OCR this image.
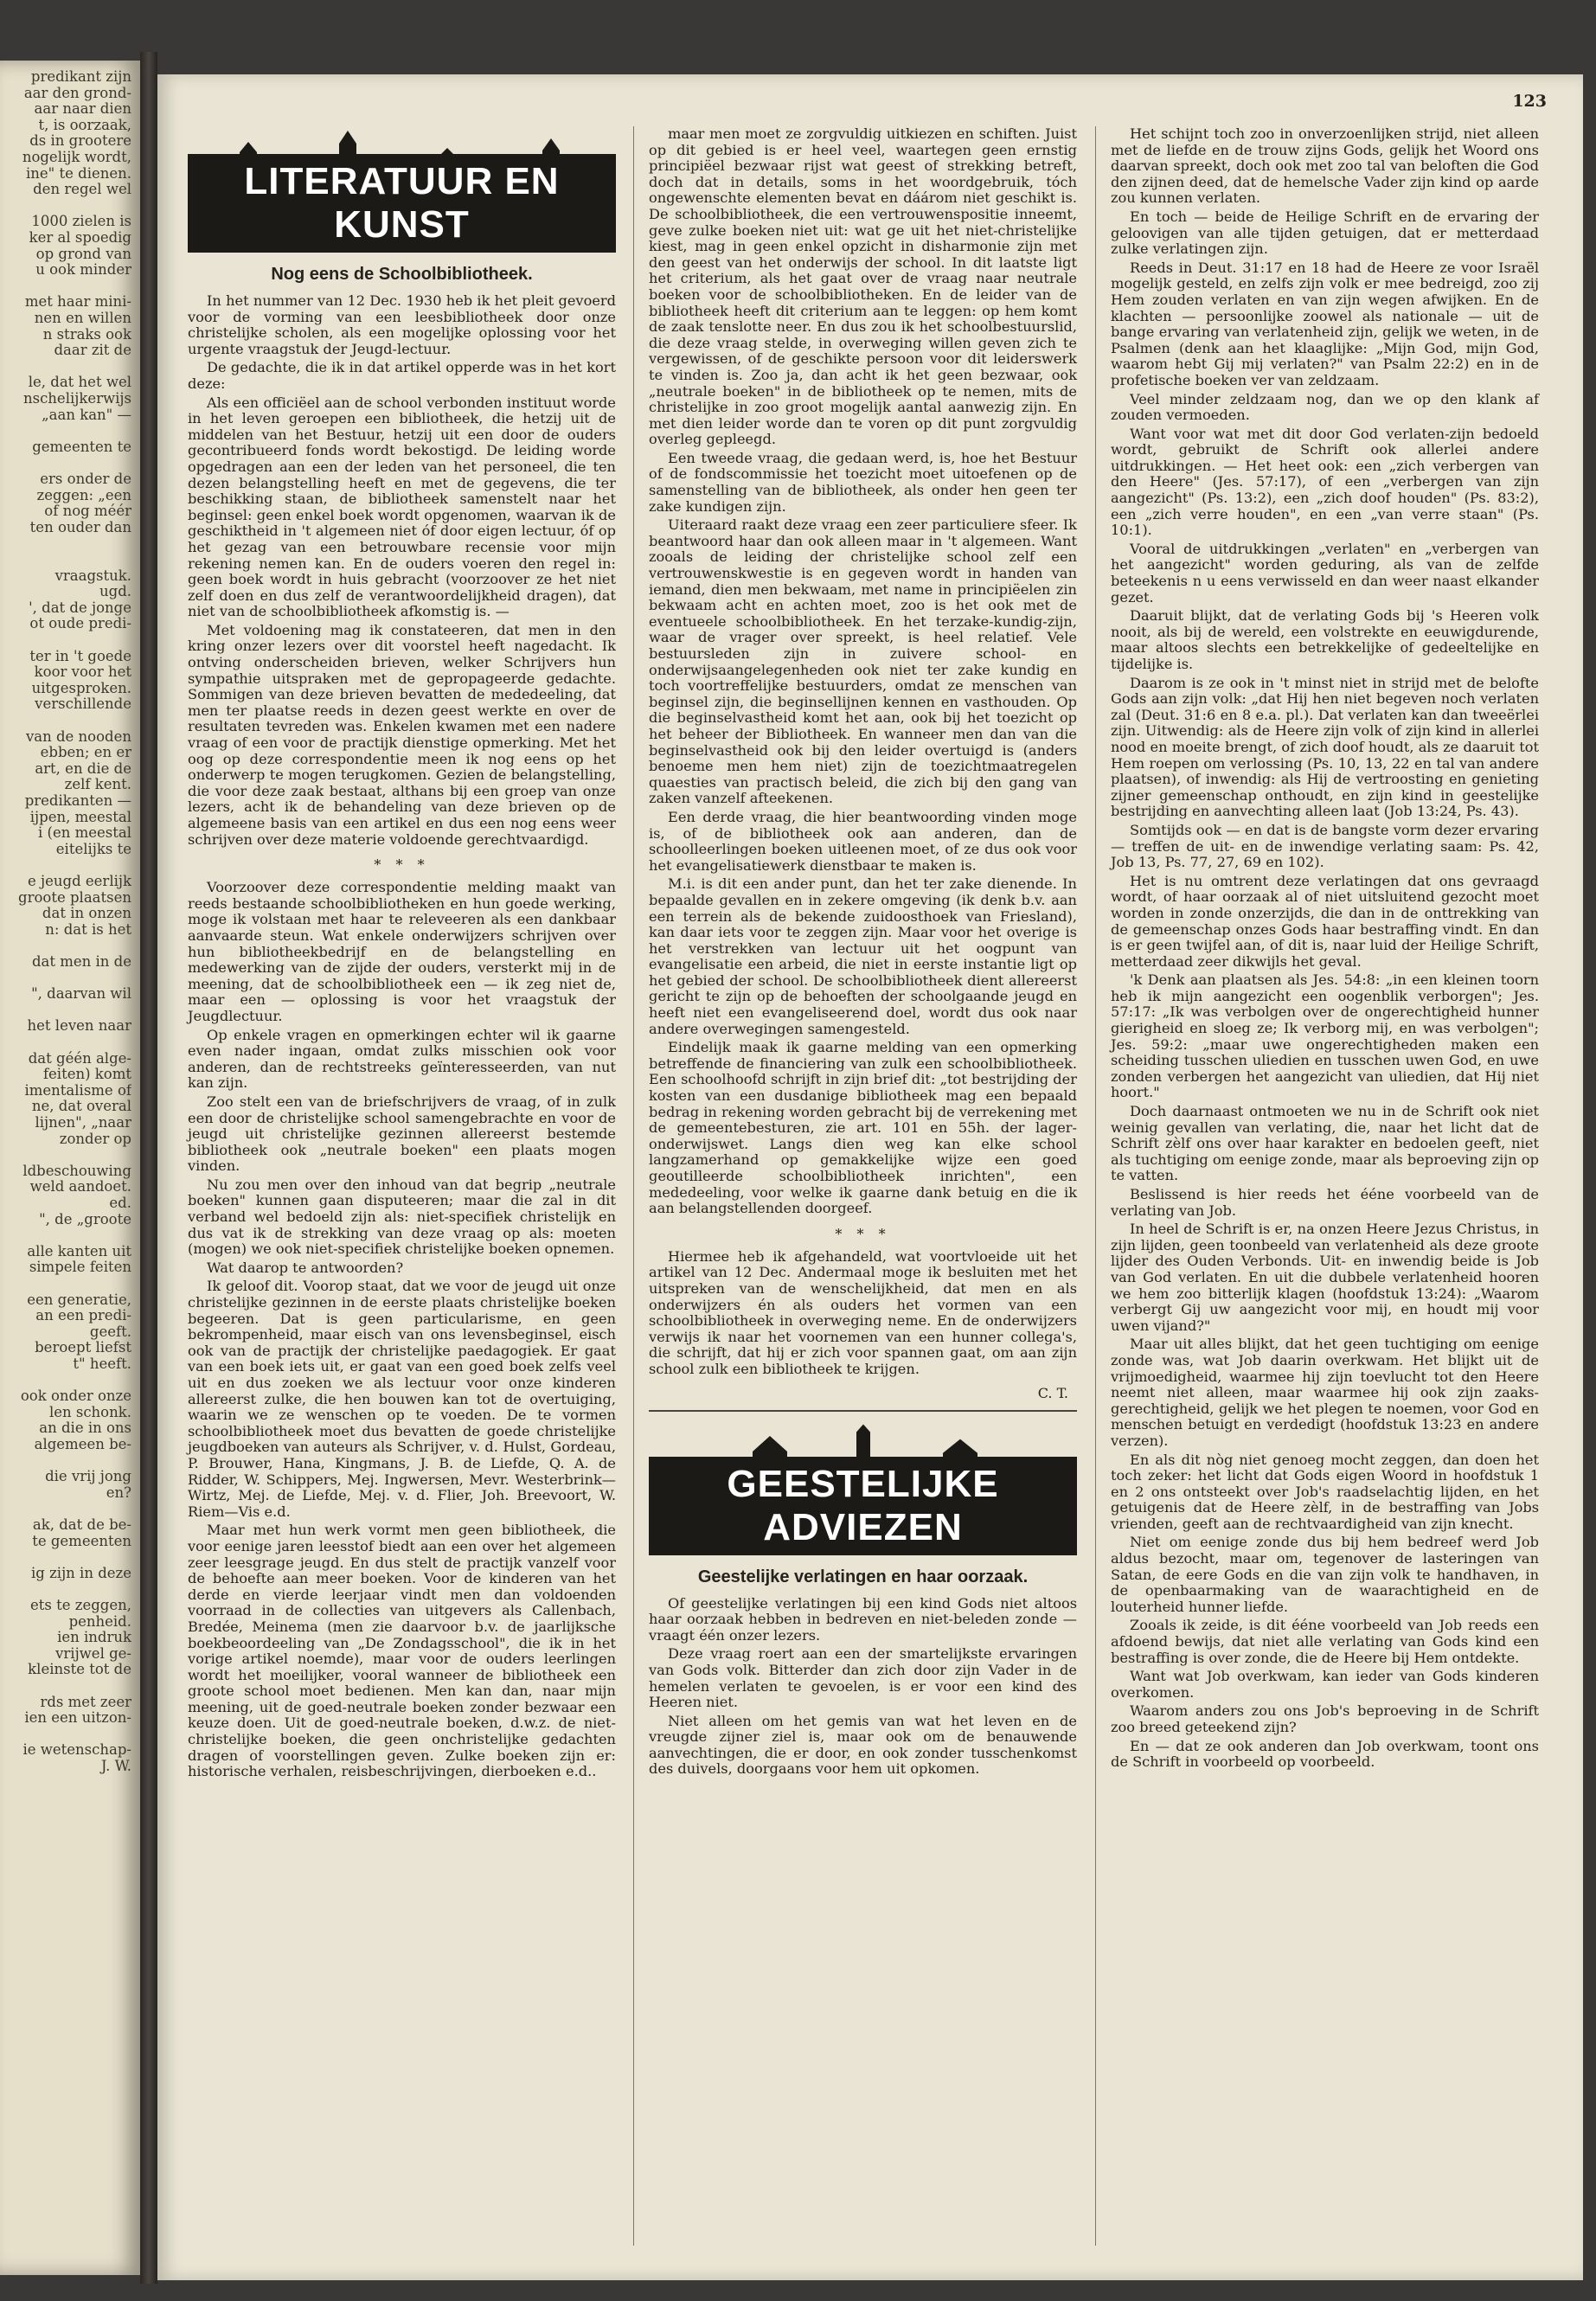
predikant zijn
aar den grond-
aar naar dien
t, is oorzaak,
ds in grootere
nogelijk wordt,
ine" te dienen.
den regel wel
1000 zielen is
ker al spoedig
op grond van
u ook minder
met haar mini-
nen en willen
n straks ook
daar zit de
le, dat het wel
nschelijkerwijs
„aan kan" —
gemeenten te
ers onder de
zeggen: „een
of nog méér
ten ouder dan
vraagstuk.
ugd.
', dat de jonge
ot oude predi-
ter in 't goede
koor voor het
uitgesproken.
verschillende
van de nooden
ebben; en er
art, en die de
zelf kent.
predikanten —
ijpen, meestal
i (en meestal
eitelijks te
e jeugd eerlijk
groote plaatsen
dat in onzen
n: dat is het
dat men in de
", daarvan wil
het leven naar
dat géén alge-
feiten) komt
imentalisme of
ne, dat overal
lijnen", „naar
zonder op
ldbeschouwing
weld aandoet.
ed.
", de „groote
alle kanten uit
simpele feiten
een generatie,
an een predi-
geeft.
beroept liefst
t" heeft.
ook onder onze
len schonk.
an die in ons
algemeen be-
die vrij jong
en?
ak, dat de be-
te gemeenten
ig zijn in deze
ets te zeggen,
penheid.
ien indruk
vrijwel ge-
kleinste tot de
rds met zeer
ien een uitzon-
ie wetenschap-
J. W.
123
LITERATUUR EN KUNST
Nog eens de Schoolbibliotheek.

In het nummer van 12 Dec. 1930 heb ik het pleit gevoerd voor de vorming van een leesbibliotheek door onze christelijke scholen, als een mogelijke oplossing voor het urgente vraagstuk der Jeugd-lectuur.

De gedachte, die ik in dat artikel opperde was in het kort deze:

Als een officiëel aan de school verbonden instituut worde in het leven geroepen een bibliotheek, die hetzij uit de middelen van het Bestuur, hetzij uit een door de ouders gecontribueerd fonds wordt bekostigd. De leiding worde opgedragen aan een der leden van het personeel, die ten dezen belangstelling heeft en met de gegevens, die ter beschikking staan, de bibliotheek samenstelt naar het beginsel: geen enkel boek wordt opgenomen, waarvan ik de geschiktheid in 't algemeen niet óf door eigen lectuur, óf op het gezag van een betrouwbare recensie voor mijn rekening nemen kan. En de ouders voeren den regel in: geen boek wordt in huis gebracht (voorzoover ze het niet zelf doen en dus zelf de verantwoordelijkheid dragen), dat niet van de schoolbibliotheek afkomstig is. —

Met voldoening mag ik constateeren, dat men in den kring onzer lezers over dit voorstel heeft nagedacht. Ik ontving onderscheiden brieven, welker Schrijvers hun sympathie uitspraken met de gepropageerde gedachte. Sommigen van deze brieven bevatten de mededeeling, dat men ter plaatse reeds in dezen geest werkte en over de resultaten tevreden was. Enkelen kwamen met een nadere vraag of een voor de practijk dienstige opmerking. Met het oog op deze correspondentie meen ik nog eens op het onderwerp te mogen terugkomen. Gezien de belangstelling, die voor deze zaak bestaat, althans bij een groep van onze lezers, acht ik de behandeling van deze brieven op de algemeene basis van een artikel en dus een nog eens weer schrijven over deze materie voldoende gerechtvaardigd.

* * *

Voorzoover deze correspondentie melding maakt van reeds bestaande schoolbibliotheken en hun goede werking, moge ik volstaan met haar te releveeren als een dankbaar aanvaarde steun. Wat enkele onderwijzers schrijven over hun bibliotheekbedrijf en de belangstelling en medewerking van de zijde der ouders, versterkt mij in de meening, dat de schoolbibliotheek een — ik zeg niet de, maar een — oplossing is voor het vraagstuk der Jeugdlectuur.

Op enkele vragen en opmerkingen echter wil ik gaarne even nader ingaan, omdat zulks misschien ook voor anderen, dan de rechtstreeks geïnteresseerden, van nut kan zijn.

Zoo stelt een van de briefschrijvers de vraag, of in zulk een door de christelijke school samengebrachte en voor de jeugd uit christelijke gezinnen allereerst bestemde bibliotheek ook „neutrale boeken" een plaats mogen vinden.

Nu zou men over den inhoud van dat begrip „neutrale boeken" kunnen gaan disputeeren; maar die zal in dit verband wel bedoeld zijn als: niet-specifiek christelijk en dus vat ik de strekking van deze vraag op als: moeten (mogen) we ook niet-specifiek christelijke boeken opnemen.

Wat daarop te antwoorden?

Ik geloof dit. Voorop staat, dat we voor de jeugd uit onze christelijke gezinnen in de eerste plaats christelijke boeken begeeren. Dat is geen particularisme, en geen bekrompenheid, maar eisch van ons levensbeginsel, eisch ook van de practijk der christelijke paedagogiek. Er gaat van een boek iets uit, er gaat van een goed boek zelfs veel uit en dus zoeken we als lectuur voor onze kinderen allereerst zulke, die hen bouwen kan tot de overtuiging, waarin we ze wenschen op te voeden. De te vormen schoolbibliotheek moet dus bevatten de goede christelijke jeugdboeken van auteurs als Schrijver, v. d. Hulst, Gordeau, P. Brouwer, Hana, Kingmans, J. B. de Liefde, Q. A. de Ridder, W. Schippers, Mej. Ingwersen, Mevr. Westerbrink—Wirtz, Mej. de Liefde, Mej. v. d. Flier, Joh. Breevoort, W. Riem—Vis e.d.

Maar met hun werk vormt men geen bibliotheek, die voor eenige jaren leesstof biedt aan een over het algemeen zeer leesgrage jeugd. En dus stelt de practijk vanzelf voor de behoefte aan meer boeken. Voor de kinderen van het derde en vierde leerjaar vindt men dan voldoenden voorraad in de collecties van uitgevers als Callenbach, Bredée, Meinema (men zie daarvoor b.v. de jaarlijksche boekbeoordeeling van „De Zondagsschool", die ik in het vorige artikel noemde), maar voor de ouders leerlingen wordt het moeilijker, vooral wanneer de bibliotheek een groote school moet bedienen. Men kan dan, naar mijn meening, uit de goed-neutrale boeken zonder bezwaar een keuze doen. Uit de goed-neutrale boeken, d.w.z. de niet-christelijke boeken, die geen onchristelijke gedachten dragen of voorstellingen geven. Zulke boeken zijn er: historische verhalen, reisbeschrijvingen, dierboeken e.d..

maar men moet ze zorgvuldig uitkiezen en schiften. Juist op dit gebied is er heel veel, waartegen geen ernstig principiëel bezwaar rijst wat geest of strekking betreft, doch dat in details, soms in het woordgebruik, tóch ongewenschte elementen bevat en dáárom niet geschikt is. De schoolbibliotheek, die een vertrouwenspositie inneemt, geve zulke boeken niet uit: wat ge uit het niet-christelijke kiest, mag in geen enkel opzicht in disharmonie zijn met den geest van het onderwijs der school. In dit laatste ligt het criterium, als het gaat over de vraag naar neutrale boeken voor de schoolbibliotheken. En de leider van de bibliotheek heeft dit criterium aan te leggen: op hem komt de zaak tenslotte neer. En dus zou ik het schoolbestuurslid, die deze vraag stelde, in overweging willen geven zich te vergewissen, of de geschikte persoon voor dit leiderswerk te vinden is. Zoo ja, dan acht ik het geen bezwaar, ook „neutrale boeken" in de bibliotheek op te nemen, mits de christelijke in zoo groot mogelijk aantal aanwezig zijn. En met dien leider worde dan te voren op dit punt zorgvuldig overleg gepleegd.

Een tweede vraag, die gedaan werd, is, hoe het Bestuur of de fondscommissie het toezicht moet uitoefenen op de samenstelling van de bibliotheek, als onder hen geen ter zake kundigen zijn.

Uiteraard raakt deze vraag een zeer particuliere sfeer. Ik beantwoord haar dan ook alleen maar in 't algemeen. Want zooals de leiding der christelijke school zelf een vertrouwenskwestie is en gegeven wordt in handen van iemand, dien men bekwaam, met name in principiëelen zin bekwaam acht en achten moet, zoo is het ook met de eventueele schoolbibliotheek. En het terzake-kundig-zijn, waar de vrager over spreekt, is heel relatief. Vele bestuursleden zijn in zuivere school- en onderwijsaangelegenheden ook niet ter zake kundig en toch voortreffelijke bestuurders, omdat ze menschen van beginsel zijn, die beginsellijnen kennen en vasthouden. Op die beginselvastheid komt het aan, ook bij het toezicht op het beheer der Bibliotheek. En wanneer men dan van die beginselvastheid ook bij den leider overtuigd is (anders benoeme men hem niet) zijn de toezichtmaatregelen quaesties van practisch beleid, die zich bij den gang van zaken vanzelf afteekenen.

Een derde vraag, die hier beantwoording vinden moge is, of de bibliotheek ook aan anderen, dan de schoolleerlingen boeken uitleenen moet, of ze dus ook voor het evangelisatiewerk dienstbaar te maken is.

M.i. is dit een ander punt, dan het ter zake dienende. In bepaalde gevallen en in zekere omgeving (ik denk b.v. aan een terrein als de bekende zuidoosthoek van Friesland), kan daar iets voor te zeggen zijn. Maar voor het overige is het verstrekken van lectuur uit het oogpunt van evangelisatie een arbeid, die niet in eerste instantie ligt op het gebied der school. De schoolbibliotheek dient allereerst gericht te zijn op de behoeften der schoolgaande jeugd en heeft niet een evangeliseerend doel, wordt dus ook naar andere overwegingen samengesteld.

Eindelijk maak ik gaarne melding van een opmerking betreffende de financiering van zulk een schoolbibliotheek. Een schoolhoofd schrijft in zijn brief dit: „tot bestrijding der kosten van een dusdanige bibliotheek mag een bepaald bedrag in rekening worden gebracht bij de verrekening met de gemeentebesturen, zie art. 101 en 55h. der lager-onderwijswet. Langs dien weg kan elke school langzamerhand op gemakkelijke wijze een goed geoutilleerde schoolbibliotheek inrichten", een mededeeling, voor welke ik gaarne dank betuig en die ik aan belangstellenden doorgeef.

* * *

Hiermee heb ik afgehandeld, wat voortvloeide uit het artikel van 12 Dec. Andermaal moge ik besluiten met het uitspreken van de wenschelijkheid, dat men en als onderwijzers én als ouders het vormen van een schoolbibliotheek in overweging neme. En de onderwijzers verwijs ik naar het voornemen van een hunner collega's, die schrijft, dat hij er zich voor spannen gaat, om aan zijn school zulk een bibliotheek te krijgen.

C. T.
GEESTELIJKE ADVIEZEN
Geestelijke verlatingen en haar oorzaak.

Of geestelijke verlatingen bij een kind Gods niet altoos haar oorzaak hebben in bedreven en niet-beleden zonde — vraagt één onzer lezers.

Deze vraag roert aan een der smartelijkste ervaringen van Gods volk. Bitterder dan zich door zijn Vader in de hemelen verlaten te gevoelen, is er voor een kind des Heeren niet.

Niet alleen om het gemis van wat het leven en de vreugde zijner ziel is, maar ook om de benauwende aanvechtingen, die er door, en ook zonder tusschenkomst des duivels, doorgaans voor hem uit opkomen.

Het schijnt toch zoo in onverzoenlijken strijd, niet alleen met de liefde en de trouw zijns Gods, gelijk het Woord ons daarvan spreekt, doch ook met zoo tal van beloften die God den zijnen deed, dat de hemelsche Vader zijn kind op aarde zou kunnen verlaten.

En toch — beide de Heilige Schrift en de ervaring der geloovigen van alle tijden getuigen, dat er metterdaad zulke verlatingen zijn.

Reeds in Deut. 31:17 en 18 had de Heere ze voor Israël mogelijk gesteld, en zelfs zijn volk er mee bedreigd, zoo zij Hem zouden verlaten en van zijn wegen afwijken. En de klachten — persoonlijke zoowel als nationale — uit de bange ervaring van verlatenheid zijn, gelijk we weten, in de Psalmen (denk aan het klaaglijke: „Mijn God, mijn God, waarom hebt Gij mij verlaten?" van Psalm 22:2) en in de profetische boeken ver van zeldzaam.

Veel minder zeldzaam nog, dan we op den klank af zouden vermoeden.

Want voor wat met dit door God verlaten-zijn bedoeld wordt, gebruikt de Schrift ook allerlei andere uitdrukkingen. — Het heet ook: een „zich verbergen van den Heere" (Jes. 57:17), of een „verbergen van zijn aangezicht" (Ps. 13:2), een „zich doof houden" (Ps. 83:2), een „zich verre houden", en een „van verre staan" (Ps. 10:1).

Vooral de uitdrukkingen „verlaten" en „verbergen van het aangezicht" worden geduring, als van de zelfde beteekenis n u eens verwisseld en dan weer naast elkander gezet.

Daaruit blijkt, dat de verlating Gods bij 's Heeren volk nooit, als bij de wereld, een volstrekte en eeuwigdurende, maar altoos slechts een betrekkelijke of gedeeltelijke en tijdelijke is.

Daarom is ze ook in 't minst niet in strijd met de belofte Gods aan zijn volk: „dat Hij hen niet begeven noch verlaten zal (Deut. 31:6 en 8 e.a. pl.). Dat verlaten kan dan tweeërlei zijn. Uitwendig: als de Heere zijn volk of zijn kind in allerlei nood en moeite brengt, of zich doof houdt, als ze daaruit tot Hem roepen om verlossing (Ps. 10, 13, 22 en tal van andere plaatsen), of inwendig: als Hij de vertroosting en genieting zijner gemeenschap onthoudt, en zijn kind in geestelijke bestrijding en aanvechting alleen laat (Job 13:24, Ps. 43).

Somtijds ook — en dat is de bangste vorm dezer ervaring — treffen de uit- en de inwendige verlating saam: Ps. 42, Job 13, Ps. 77, 27, 69 en 102).

Het is nu omtrent deze verlatingen dat ons gevraagd wordt, of haar oorzaak al of niet uitsluitend gezocht moet worden in zonde onzerzijds, die dan in de onttrekking van de gemeenschap onzes Gods haar bestraffing vindt. En dan is er geen twijfel aan, of dit is, naar luid der Heilige Schrift, metterdaad zeer dikwijls het geval.

'k Denk aan plaatsen als Jes. 54:8: „in een kleinen toorn heb ik mijn aangezicht een oogenblik verborgen"; Jes. 57:17: „Ik was verbolgen over de ongerechtigheid hunner gierigheid en sloeg ze; Ik verborg mij, en was verbolgen"; Jes. 59:2: „maar uwe ongerechtigheden maken een scheiding tusschen uliedien en tusschen uwen God, en uwe zonden verbergen het aangezicht van uliedien, dat Hij niet hoort."

Doch daarnaast ontmoeten we nu in de Schrift ook niet weinig gevallen van verlating, die, naar het licht dat de Schrift zèlf ons over haar karakter en bedoelen geeft, niet als tuchtiging om eenige zonde, maar als beproeving zijn op te vatten.

Beslissend is hier reeds het ééne voorbeeld van de verlating van Job.

In heel de Schrift is er, na onzen Heere Jezus Christus, in zijn lijden, geen toonbeeld van verlatenheid als deze groote lijder des Ouden Verbonds. Uit- en inwendig beide is Job van God verlaten. En uit die dubbele verlatenheid hooren we hem zoo bitterlijk klagen (hoofdstuk 13:24): „Waarom verbergt Gij uw aangezicht voor mij, en houdt mij voor uwen vijand?"

Maar uit alles blijkt, dat het geen tuchtiging om eenige zonde was, wat Job daarin overkwam. Het blijkt uit de vrijmoedigheid, waarmee hij zijn toevlucht tot den Heere neemt niet alleen, maar waarmee hij ook zijn zaaks-gerechtigheid, gelijk we het plegen te noemen, voor God en menschen betuigt en verdedigt (hoofdstuk 13:23 en andere verzen).

En als dit nòg niet genoeg mocht zeggen, dan doen het toch zeker: het licht dat Gods eigen Woord in hoofdstuk 1 en 2 ons ontsteekt over Job's raadselachtig lijden, en het getuigenis dat de Heere zèlf, in de bestraffing van Jobs vrienden, geeft aan de rechtvaardigheid van zijn knecht.

Niet om eenige zonde dus bij hem bedreef werd Job aldus bezocht, maar om, tegenover de lasteringen van Satan, de eere Gods en die van zijn volk te handhaven, in de openbaarmaking van de waarachtigheid en de louterheid hunner liefde.

Zooals ik zeide, is dit ééne voorbeeld van Job reeds een afdoend bewijs, dat niet alle verlating van Gods kind een bestraffing is over zonde, die de Heere bij Hem ontdekte.

Want wat Job overkwam, kan ieder van Gods kinderen overkomen.

Waarom anders zou ons Job's beproeving in de Schrift zoo breed geteekend zijn?

En — dat ze ook anderen dan Job overkwam, toont ons de Schrift in voorbeeld op voorbeeld.
